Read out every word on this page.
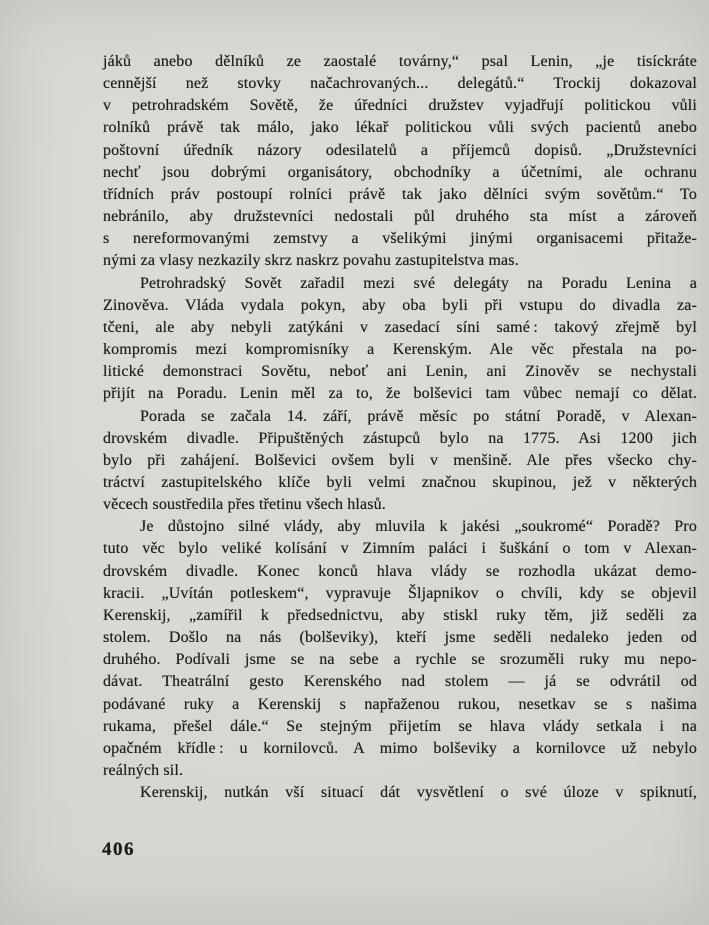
jáků anebo dělníků ze zaostalé továrny,“ psal Lenin, „je tisíckráte
cennější než stovky načachrovaných... delegátů.“ Trockij dokazoval
v petrohradském Sovětě, že úředníci družstev vyjadřují politickou vůli
rolníků právě tak málo, jako lékař politickou vůli svých pacientů anebo
poštovní úředník názory odesilatelů a příjemců dopisů. „Družstevníci
nechť jsou dobrými organisátory, obchodníky a účetními, ale ochranu
třídních práv postoupí rolníci právě tak jako dělníci svým sovětům.“ To
nebránilo, aby družstevníci nedostali půl druhého sta míst a zároveň
s nereformovanými zemstvy a všelikými jinými organisacemi přitaže-
nými za vlasy nezkazily skrz naskrz povahu zastupitelstva mas.
Petrohradský Sovět zařadil mezi své delegáty na Poradu Lenina a
Zinověva. Vláda vydala pokyn, aby oba byli při vstupu do divadla za-
tčeni, ale aby nebyli zatýkáni v zasedací síni samé : takový zřejmě byl
kompromis mezi kompromisníky a Kerenským. Ale věc přestala na po-
litické demonstraci Sovětu, neboť ani Lenin, ani Zinověv se nechystali
přijít na Poradu. Lenin měl za to, že bolševici tam vůbec nemají co dělat.
Porada se začala 14. září, právě měsíc po státní Poradě, v Alexan-
drovském divadle. Připuštěných zástupců bylo na 1775. Asi 1200 jich
bylo při zahájení. Bolševici ovšem byli v menšině. Ale přes všecko chy-
tráctví zastupitelského klíče byli velmi značnou skupinou, jež v některých
věcech soustředila přes třetinu všech hlasů.
Je důstojno silné vlády, aby mluvila k jakési „soukromé“ Poradě? Pro
tuto věc bylo veliké kolísání v Zimním paláci i šuškání o tom v Alexan-
drovském divadle. Konec konců hlava vlády se rozhodla ukázat demo-
kracii. „Uvítán potleskem“, vypravuje Šljapnikov o chvíli, kdy se objevil
Kerenskij, „zamířil k předsednictvu, aby stiskl ruky těm, již seděli za
stolem. Došlo na nás (bolševiky), kteří jsme seděli nedaleko jeden od
druhého. Podívali jsme se na sebe a rychle se srozuměli ruky mu nepo-
dávat. Theatrální gesto Kerenského nad stolem — já se odvrátil od
podávané ruky a Kerenskij s napřaženou rukou, nesetkav se s našima
rukama, přešel dále.“ Se stejným přijetím se hlava vlády setkala i na
opačném křídle : u kornilovců. A mimo bolševiky a kornilovce už nebylo
reálných sil.
Kerenskij, nutkán vší situací dát vysvětlení o své úloze v spiknutí,
406
